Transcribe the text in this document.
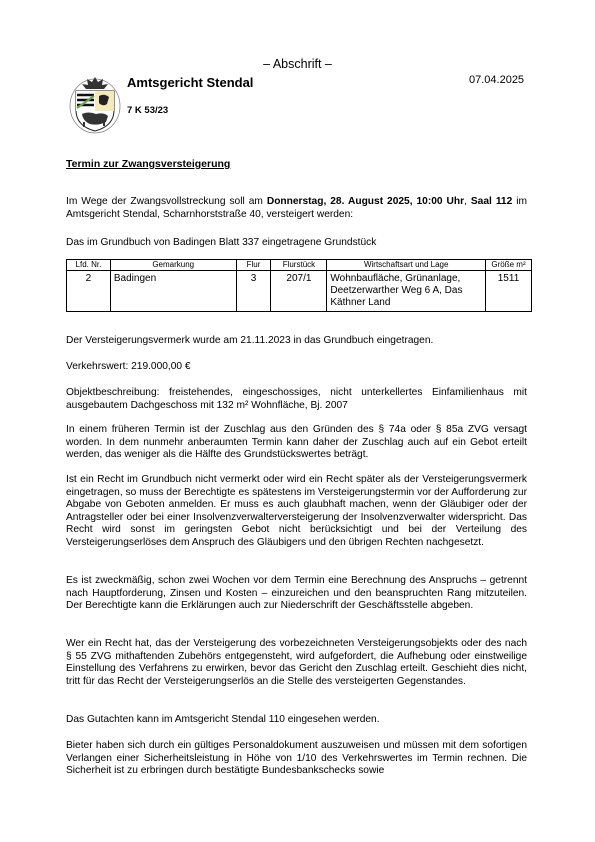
– Abschrift –
07.04.2025
Amtsgericht Stendal
7 K 53/23
Termin zur Zwangsversteigerung

Im Wege der Zwangsvollstreckung soll am Donnerstag, 28. August 2025, 10:00 Uhr, Saal 112 im Amtsgericht Stendal, Scharnhorststraße 40, versteigert werden:

Das im Grundbuch von Badingen Blatt 337 eingetragene Grundstück

Lfd. Nr.	Gemarkung	Flur	Flurstück	Wirtschaftsart und Lage	Größe m²
2	Badingen	3	207/1	Wohnbaufläche, Grünanlage, Deetzerwarther Weg 6 A, Das Käthner Land	1511

Der Versteigerungsvermerk wurde am 21.11.2023 in das Grundbuch eingetragen.

Verkehrswert: 219.000,00 €

Objektbeschreibung: freistehendes, eingeschossiges, nicht unterkellertes Einfamilienhaus mit ausgebautem Dachgeschoss mit 132 m² Wohnfläche, Bj. 2007

In einem früheren Termin ist der Zuschlag aus den Gründen des § 74a oder § 85a ZVG versagt worden. In dem nunmehr anberaumten Termin kann daher der Zuschlag auch auf ein Gebot erteilt werden, das weniger als die Hälfte des Grundstückswertes beträgt.

Ist ein Recht im Grundbuch nicht vermerkt oder wird ein Recht später als der Versteigerungsvermerk eingetragen, so muss der Berechtigte es spätestens im Versteigerungstermin vor der Aufforderung zur Abgabe von Geboten anmelden. Er muss es auch glaubhaft machen, wenn der Gläubiger oder der Antragsteller oder bei einer Insolvenzverwalterversteigerung der Insolvenzverwalter widerspricht. Das Recht wird sonst im geringsten Gebot nicht berücksichtigt und bei der Verteilung des Versteigerungserlöses dem Anspruch des Gläubigers und den übrigen Rechten nachgesetzt.

Es ist zweckmäßig, schon zwei Wochen vor dem Termin eine Berechnung des Anspruchs – getrennt nach Hauptforderung, Zinsen und Kosten – einzureichen und den beanspruchten Rang mitzuteilen. Der Berechtigte kann die Erklärungen auch zur Niederschrift der Geschäftsstelle abgeben.

Wer ein Recht hat, das der Versteigerung des vorbezeichneten Versteigerungsobjekts oder des nach § 55 ZVG mithaftenden Zubehörs entgegensteht, wird aufgefordert, die Aufhebung oder einstweilige Einstellung des Verfahrens zu erwirken, bevor das Gericht den Zuschlag erteilt. Geschieht dies nicht, tritt für das Recht der Versteigerungserlös an die Stelle des versteigerten Gegenstandes.

Das Gutachten kann im Amtsgericht Stendal 110 eingesehen werden.

Bieter haben sich durch ein gültiges Personaldokument auszuweisen und müssen mit dem sofortigen Verlangen einer Sicherheitsleistung in Höhe von 1/10 des Verkehrswertes im Termin rechnen. Die Sicherheit ist zu erbringen durch bestätigte Bundesbankschecks sowie
